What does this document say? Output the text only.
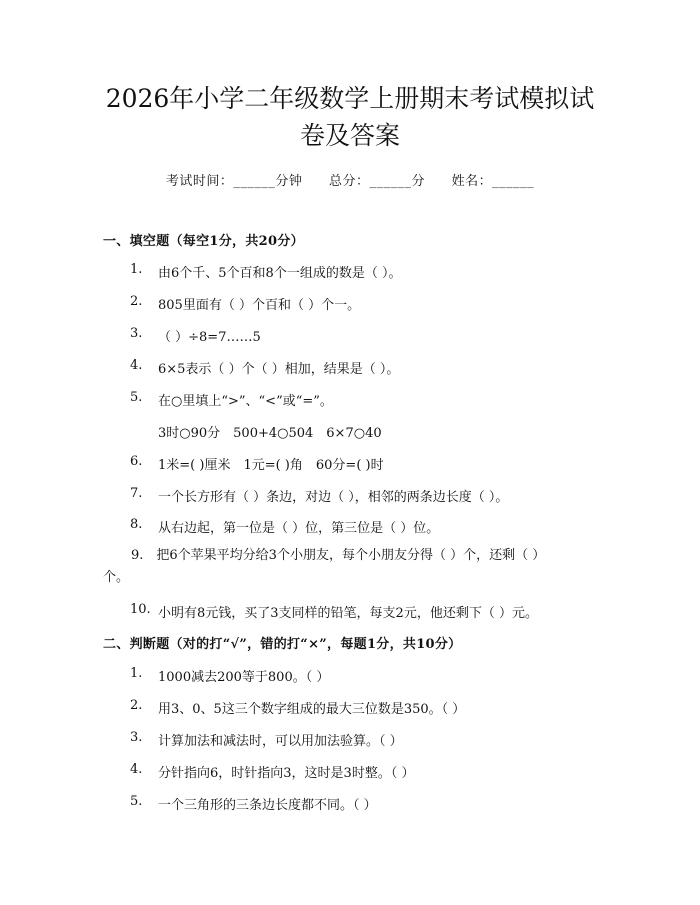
2026年小学二年级数学上册期末考试模拟试
卷及答案
考试时间：______分钟 总分：______分 姓名：______
一、填空题（每空1分，共20分）
1. 由6个千、5个百和8个一组成的数是（ ）。
2. 805里面有（ ）个百和（ ）个一。
3. （ ）÷8=7……5
4. 6×5表示（ ）个（ ）相加，结果是（ ）。
5. 在○里填上“>”、“<”或“=”。
3时○90分　500+4○504　6×7○40
6. 1米=( )厘米　1元=( )角　60分=( )时
7. 一个长方形有（ ）条边，对边（ ），相邻的两条边长度（ ）。
8. 从右边起，第一位是（ ）位，第三位是（ ）位。
9.  把6个苹果平均分给3个小朋友，每个小朋友分得（ ）个，还剩（ ）个。
10. 小明有8元钱，买了3支同样的铅笔，每支2元，他还剩下（ ）元。
二、判断题（对的打“√”，错的打“×”，每题1分，共10分）
1. 1000减去200等于800。（ ）
2. 用3、0、5这三个数字组成的最大三位数是350。（ ）
3. 计算加法和减法时，可以用加法验算。（ ）
4. 分针指向6，时针指向3，这时是3时整。（ ）
5. 一个三角形的三条边长度都不同。（ ）
